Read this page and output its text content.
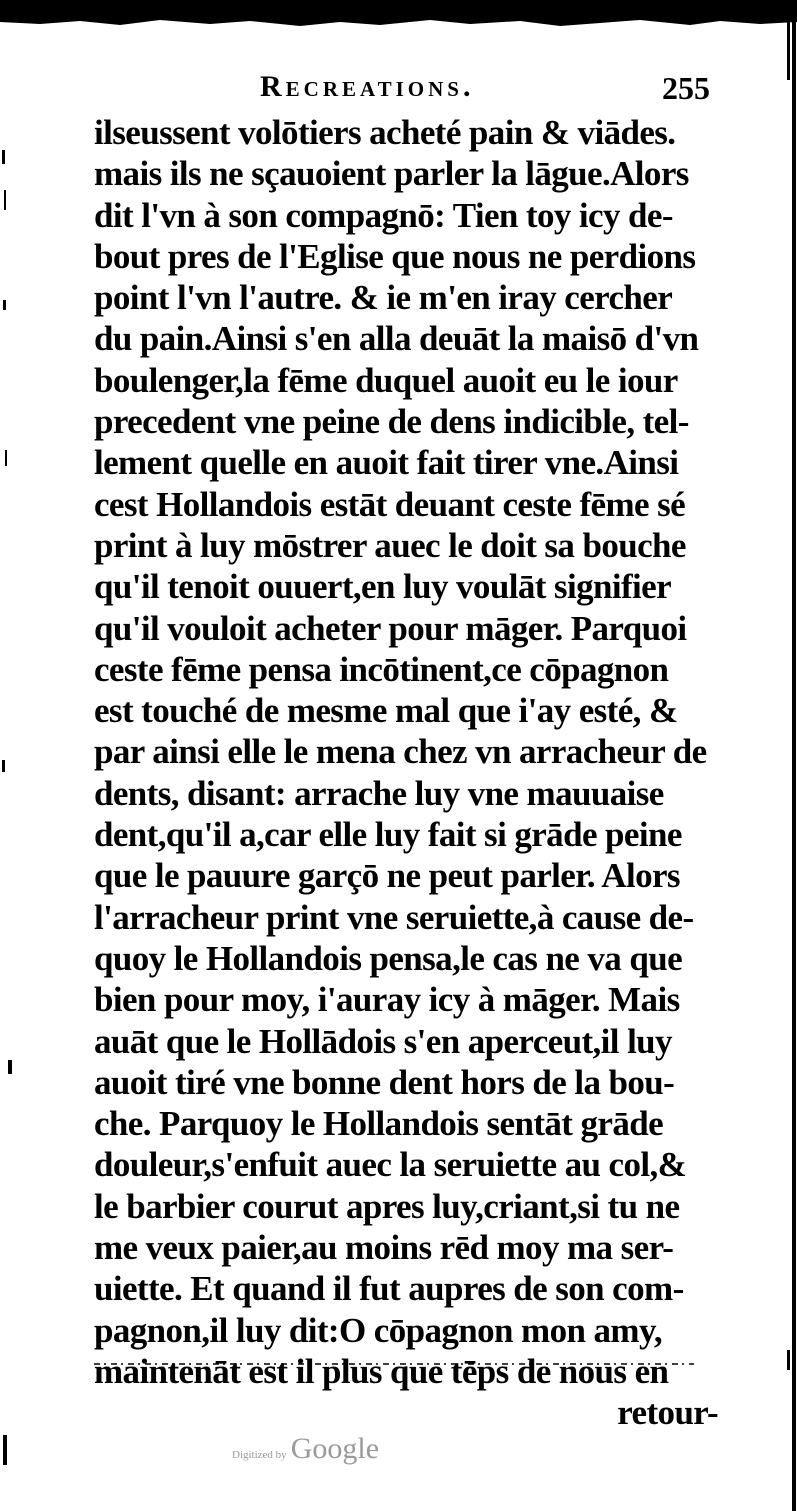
Recreations.	255
ilseussent volōtiers acheté pain & viādes.
mais ils ne sçauoient parler la lāgue.Alors
dit l'vn à son compagnō: Tien toy icy de-
bout pres de l'Eglise que nous ne perdions
point l'vn l'autre. & ie m'en iray cercher
du pain.Ainsi s'en alla deuāt la maisō d'vn
boulenger,la fēme duquel auoit eu le iour
precedent vne peine de dens indicible, tel-
lement quelle en auoit fait tirer vne.Ainsi
cest Hollandois estāt deuant ceste fēme sé
print à luy mōstrer auec le doit sa bouche
qu'il tenoit ouuert,en luy voulāt signifier
qu'il vouloit acheter pour māger. Parquoi
ceste fēme pensa incōtinent,ce cōpagnon
est touché de mesme mal que i'ay esté, &
par ainsi elle le mena chez vn arracheur de
dents, disant: arrache luy vne mauuaise
dent,qu'il a,car elle luy fait si grāde peine
que le pauure garçō ne peut parler. Alors
l'arracheur print vne seruiette,à cause de-
quoy le Hollandois pensa,le cas ne va que
bien pour moy, i'auray icy à māger. Mais
auāt que le Hollādois s'en aperceut,il luy
auoit tiré vne bonne dent hors de la bou-
che. Parquoy le Hollandois sentāt grāde
douleur,s'enfuit auec la seruiette au col,&
le barbier courut apres luy,criant,si tu ne
me veux paier,au moins rēd moy ma ser-
uiette. Et quand il fut aupres de son com-
pagnon,il luy dit:O cōpagnon mon amy,
maintenāt est il plus que tēps de nous en
retour-
Digitized by Google
